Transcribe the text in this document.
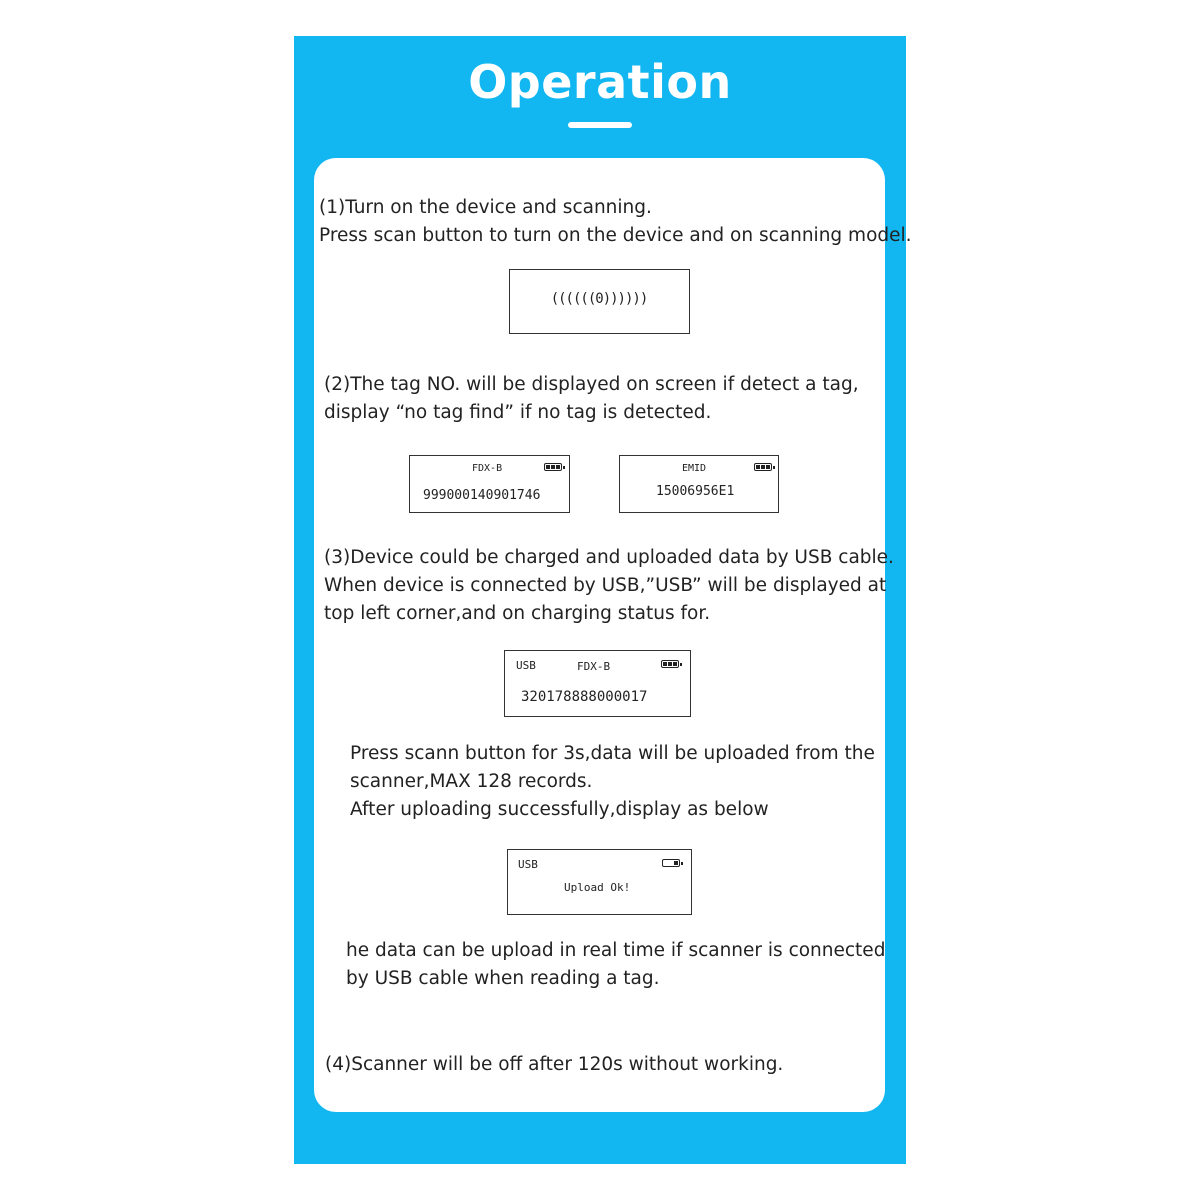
Operation
(1)Turn on the device and scanning.
Press scan button to turn on the device and on scanning model.
((((((0))))))
(2)The tag NO. will be displayed on screen if detect a tag,
display “no tag find” if no tag is detected.
FDX-B
999000140901746
EMID
15006956E1
(3)Device could be charged and uploaded data by USB cable.
When device is connected by USB,”USB” will be displayed at
top left corner,and on charging status for.
USB	FDX-B
320178888000017
Press scann button for 3s,data will be uploaded from the
scanner,MAX 128 records.
After uploading successfully,display as below
USB
Upload Ok!
he data can be upload in real time if scanner is connected
by USB cable when reading a tag.
(4)Scanner will be off after 120s without working.
